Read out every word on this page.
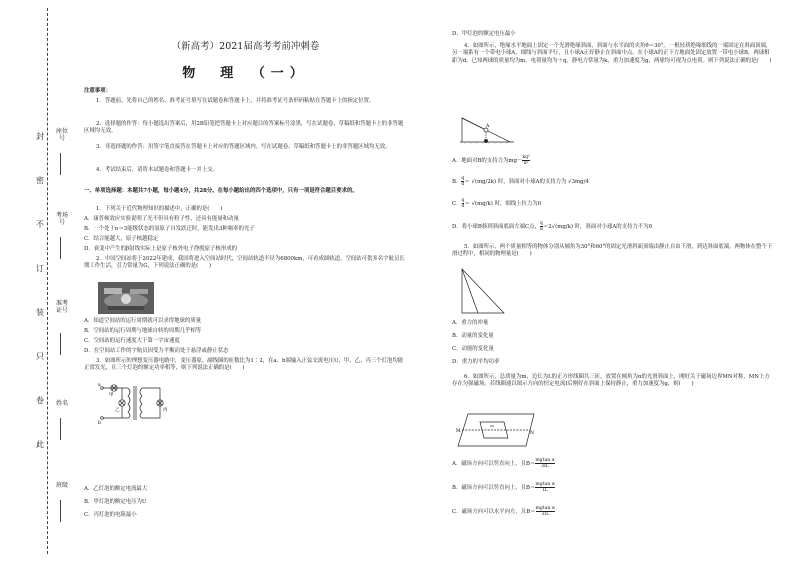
封
密
不
订
装
只
卷
此
座位号
考场号
准考证号
姓名
班级
（新高考）2021届高考考前冲刺卷
物　理　（一）
注意事项：
1．答题前，先将自己的姓名、准考证号填写在试题卷和答题卡上，并将准考证号条形码粘贴在答题卡上的指定位置。
2．选择题的作答：每小题选出答案后，用2B铅笔把答题卡上对应题目的答案标号涂黑，写在试题卷、草稿纸和答题卡上的非答题区域均无效。
3．非选择题的作答：用签字笔直接答在答题卡上对应的答题区域内。写在试题卷、草稿纸和答题卡上的非答题区域均无效。
4．考试结束后，请将本试题卷和答题卡一并上交。
一、单项选择题：本题共7小题，每小题4分，共28分。在每小题给出的四个选项中，只有一项是符合题目要求的。
1．下列关于近代物理知识的描述中，正确的是(　　)
A．康普顿效应实验说明了光不但具有粒子性，还具有能量和动量
B．一个处于n＝3能级状态的氢原子自发跃迁时，能发出3种频率的光子
C．结合能越大，原子核越稳定
D．衰变中产生的β射线实际上是原子核外电子挣脱原子核形成的
2．中国空间站将于2022年建成，我国将进入空间站时代，空间站轨道半径为6800km，可看成圆轨道，空间站可供多名宇航员长期工作生活，引力常量为G，下列说法正确的是(　　)
A．知道空间站的运行周期就可以求得地球的质量
B．空间站的运行周期与地球自转的周期几乎相等
C．空间站的运行速度大于第一宇宙速度
D．在空间站工作的宇航员因受力平衡而处于悬浮或静止状态
3．如图所示的理想变压器电路中，变压器原、副线圈的匝数比为1∶2，在a、b端输入正弦交流电压U，甲、乙、丙三个灯泡均能正常发光，且三个灯泡的额定功率相等，则下列说法正确的是(　　)
甲
乙	丙
a
b
A．乙灯泡的额定电流最大
B．甲灯泡的额定电压为U
C．丙灯泡的电阻最小
D．甲灯泡的额定电压最小
4．如图所示，绝缘水平地面上固定一个光滑绝缘斜面，斜面与水平面的夹角θ＝30°。一根轻质绝缘细线的一端固定在斜面顶端，另一端系有一个带电小球A，细线与斜面平行，且小球A正好静止在斜面中点。在小球A的正下方地面处固定放置一带电小球B，两球相距为d。已知两球的质量均为m、电荷量均为＋q，静电力常量为k，重力加速度为g，两球均可视为点电荷。则下列说法正确的是(　　)
A
A．地面对B的支持力为$mg- \frac{\text{kq²}}{\text{d²}}$
B． $\frac{q}{d} = √(mg/2k)$ 时，斜面对小球A的支持力为 √3mg/4
C． $\frac{q}{d} = √(mg/k)$ 时，细线上拉力为0
D．将小球B移到斜面底面左端C点， $\frac{q}{d} =2√(mg/k)$ 时，斜面对小球A的支持力不为0
5．如图所示，两个质量相等的物体分别从倾角为30°和60°的固定光滑斜面顶端由静止自由下滑，到达斜面底端。两物体在整个下滑过程中，相同的物理量是(　　)
A．重力的冲量
B．动量的变化量
C．动能的变化量
D．重力的平均功率
6．如图所示，总质量为m，边长为L的正方形线圈共三匝，放置在倾角为α的光滑斜面上，刚好关于磁场边界MN对称，MN上方存在匀强磁场。若线圈通以图示方向的恒定电流I后刚好在斜面上保持静止，重力加速度为g，则(　　)
M	N
A．磁场方向可以竖直向上，且$B= \frac{\text{mgtan α}}{3IL}$
B．磁场方向可以竖直向上，且$B= \frac{\text{mgtan α}}{IL}$
C．磁场方向可以水平向左，且$B= \frac{\text{mgtan α}}{3IL}$
